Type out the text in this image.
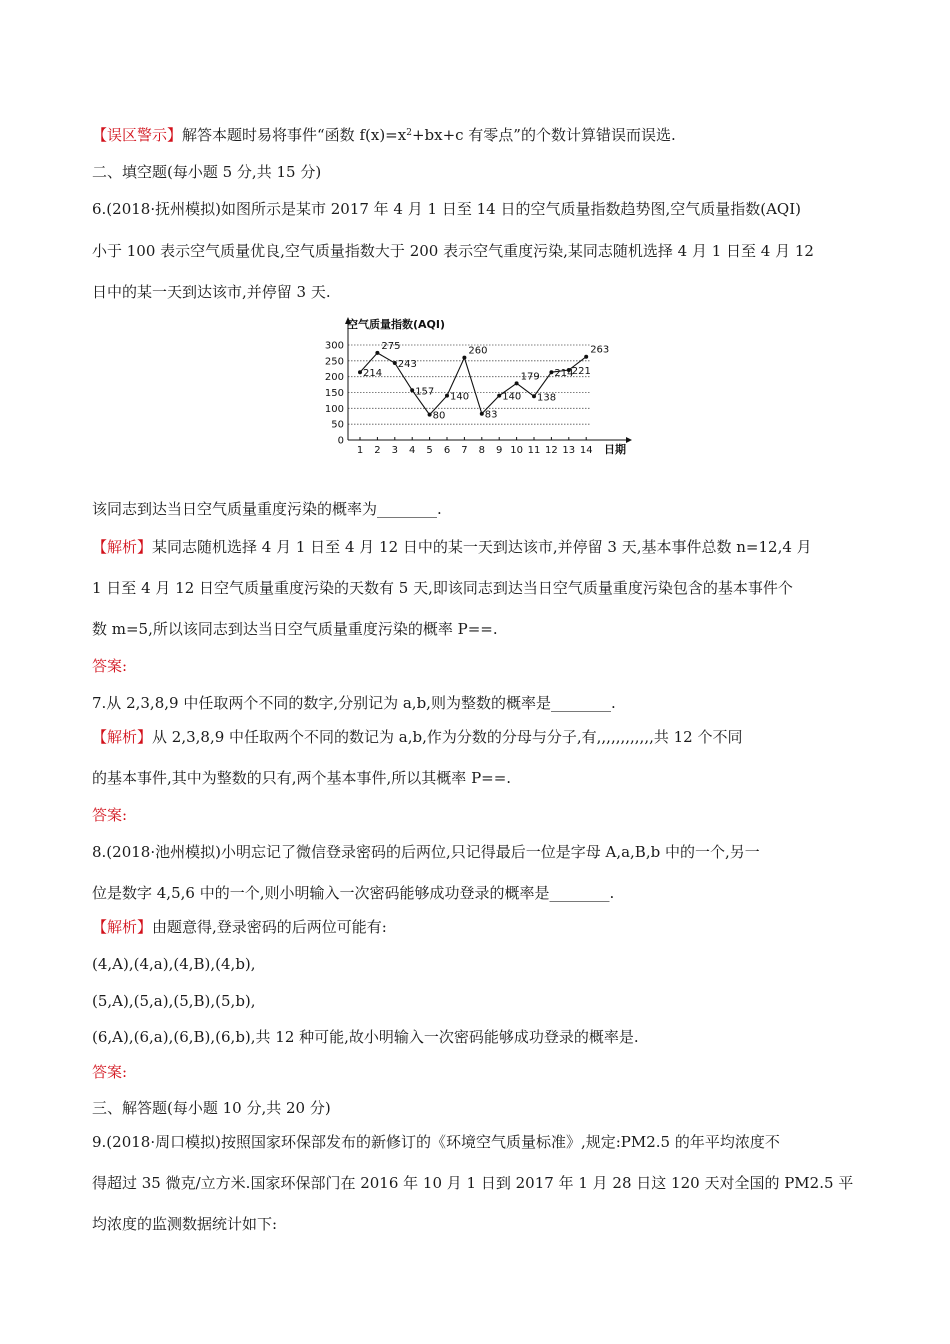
【误区警示】解答本题时易将事件“函数 $f(x)=x^2+bx+c$ 有零点”的个数计算错误而误选.
二、填空题(每小题 5 分,共 15 分)
6.(2018·抚州模拟)如图所示是某市 2017 年 4 月 1 日至 14 日的空气质量指数趋势图,空气质量指数(AQI)
小于 100 表示空气质量优良,空气质量指数大于 200 表示空气重度污染,某同志随机选择 4 月 1 日至 4 月 12
日中的某一天到达该市,并停留 3 天.
0
50
100
150
200
250
300
1 2 3 4 5 6 7 8 9 10 11 12 13 14
214
275
243
157
80
140
260
83
140
179
138
214
221
263
空气质量指数(AQI)
日期
该同志到达当日空气质量重度污染的概率为________.
【解析】某同志随机选择 4 月 1 日至 4 月 12 日中的某一天到达该市,并停留 3 天,基本事件总数 n=12,4 月
1 日至 4 月 12 日空气质量重度污染的天数有 5 天,即该同志到达当日空气质量重度污染包含的基本事件个
数 m=5,所以该同志到达当日空气质量重度污染的概率 P==.
答案:
7.从 2,3,8,9 中任取两个不同的数字,分别记为 a,b,则为整数的概率是________.
【解析】从 2,3,8,9 中任取两个不同的数记为 a,b,作为分数的分母与分子,有,,,,,,,,,,,,共 12 个不同
的基本事件,其中为整数的只有,两个基本事件,所以其概率 P==.
答案:
8.(2018·池州模拟)小明忘记了微信登录密码的后两位,只记得最后一位是字母 A,a,B,b 中的一个,另一
位是数字 4,5,6 中的一个,则小明输入一次密码能够成功登录的概率是________.
【解析】由题意得,登录密码的后两位可能有:
(4,A),(4,a),(4,B),(4,b),
(5,A),(5,a),(5,B),(5,b),
(6,A),(6,a),(6,B),(6,b),共 12 种可能,故小明输入一次密码能够成功登录的概率是.
答案:
三、解答题(每小题 10 分,共 20 分)
9.(2018·周口模拟)按照国家环保部发布的新修订的《环境空气质量标准》,规定:PM2.5 的年平均浓度不
得超过 35 微克/立方米.国家环保部门在 2016 年 10 月 1 日到 2017 年 1 月 28 日这 120 天对全国的 PM2.5 平
均浓度的监测数据统计如下:
